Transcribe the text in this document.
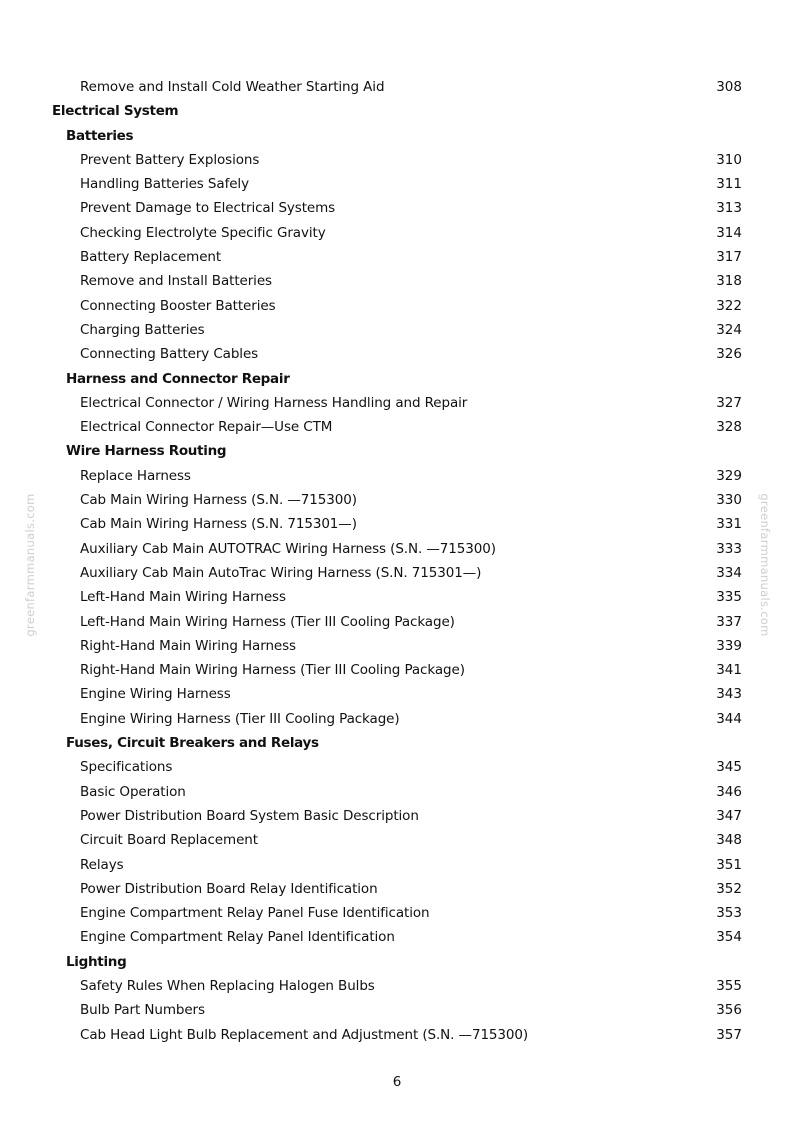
greenfarmmanuals.com	greenfarmmanuals.com
Remove and Install Cold Weather Starting Aid	308
Electrical System
Batteries
Prevent Battery Explosions	310
Handling Batteries Safely	311
Prevent Damage to Electrical Systems	313
Checking Electrolyte Specific Gravity	314
Battery Replacement	317
Remove and Install Batteries	318
Connecting Booster Batteries	322
Charging Batteries	324
Connecting Battery Cables	326
Harness and Connector Repair
Electrical Connector / Wiring Harness Handling and Repair	327
Electrical Connector Repair—Use CTM	328
Wire Harness Routing
Replace Harness	329
Cab Main Wiring Harness (S.N. —715300)	330
Cab Main Wiring Harness (S.N. 715301—)	331
Auxiliary Cab Main AUTOTRAC Wiring Harness (S.N. —715300)	333
Auxiliary Cab Main AutoTrac Wiring Harness (S.N. 715301—)	334
Left-Hand Main Wiring Harness	335
Left-Hand Main Wiring Harness (Tier III Cooling Package)	337
Right-Hand Main Wiring Harness	339
Right-Hand Main Wiring Harness (Tier III Cooling Package)	341
Engine Wiring Harness	343
Engine Wiring Harness (Tier III Cooling Package)	344
Fuses, Circuit Breakers and Relays
Specifications	345
Basic Operation	346
Power Distribution Board System Basic Description	347
Circuit Board Replacement	348
Relays	351
Power Distribution Board Relay Identification	352
Engine Compartment Relay Panel Fuse Identification	353
Engine Compartment Relay Panel Identification	354
Lighting
Safety Rules When Replacing Halogen Bulbs	355
Bulb Part Numbers	356
Cab Head Light Bulb Replacement and Adjustment (S.N. —715300)	357
6
